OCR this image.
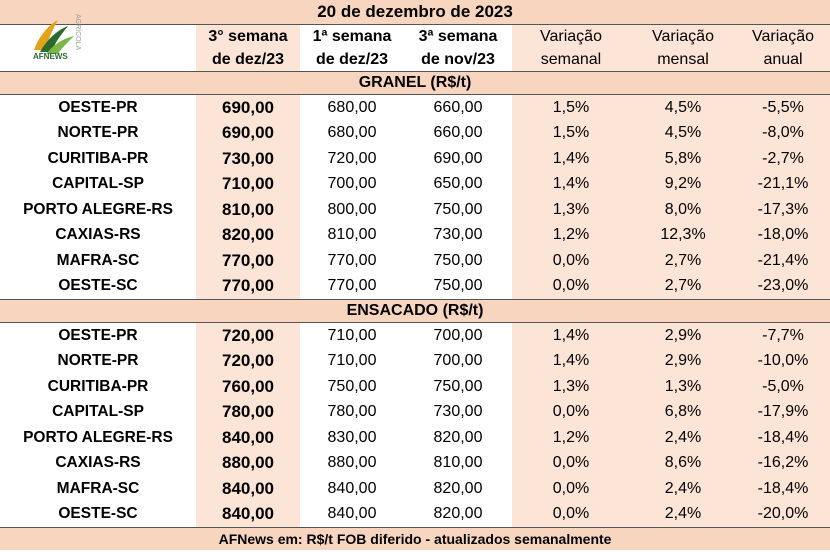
AGRÍCOLA
AFNEWS
20 de dezembro de 2023						
	3° semana	1ª semana	3ª semana	Variação	Variação	Variação
	de dez/23	de dez/23	de nov/23	semanal	mensal	anual
GRANEL (R$/t)						
OESTE-PR	690,00	680,00	660,00	1,5%	4,5%	-5,5%
NORTE-PR	690,00	680,00	660,00	1,5%	4,5%	-8,0%
CURITIBA-PR	730,00	720,00	690,00	1,4%	5,8%	-2,7%
CAPITAL-SP	710,00	700,00	650,00	1,4%	9,2%	-21,1%
PORTO ALEGRE-RS	810,00	800,00	750,00	1,3%	8,0%	-17,3%
CAXIAS-RS	820,00	810,00	730,00	1,2%	12,3%	-18,0%
MAFRA-SC	770,00	770,00	750,00	0,0%	2,7%	-21,4%
OESTE-SC	770,00	770,00	750,00	0,0%	2,7%	-23,0%
ENSACADO (R$/t)						
OESTE-PR	720,00	710,00	700,00	1,4%	2,9%	-7,7%
NORTE-PR	720,00	710,00	700,00	1,4%	2,9%	-10,0%
CURITIBA-PR	760,00	750,00	750,00	1,3%	1,3%	-5,0%
CAPITAL-SP	780,00	780,00	730,00	0,0%	6,8%	-17,9%
PORTO ALEGRE-RS	840,00	830,00	820,00	1,2%	2,4%	-18,4%
CAXIAS-RS	880,00	880,00	810,00	0,0%	8,6%	-16,2%
MAFRA-SC	840,00	840,00	820,00	0,0%	2,4%	-18,4%
OESTE-SC	840,00	840,00	820,00	0,0%	2,4%	-20,0%
AFNews em: R$/t FOB diferido - atualizados semanalmente						
